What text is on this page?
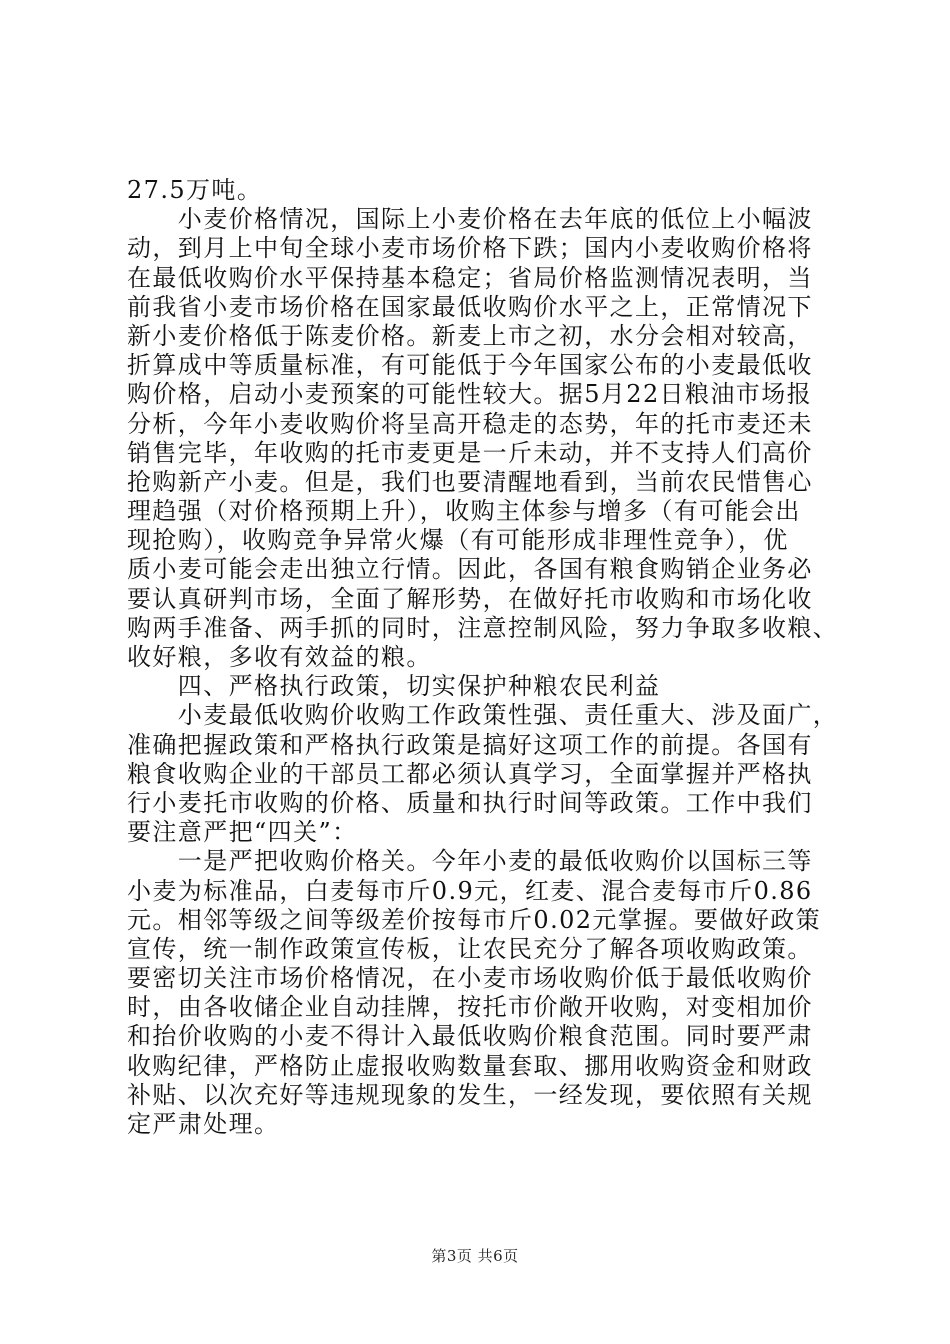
27.5万吨。
　　小麦价格情况，国际上小麦价格在去年底的低位上小幅波
动，到月上中旬全球小麦市场价格下跌；国内小麦收购价格将
在最低收购价水平保持基本稳定；省局价格监测情况表明，当
前我省小麦市场价格在国家最低收购价水平之上，正常情况下
新小麦价格低于陈麦价格。新麦上市之初，水分会相对较高，
折算成中等质量标准，有可能低于今年国家公布的小麦最低收
购价格，启动小麦预案的可能性较大。据5月22日粮油市场报
分析，今年小麦收购价将呈高开稳走的态势，年的托市麦还未
销售完毕，年收购的托市麦更是一斤未动，并不支持人们高价
抢购新产小麦。但是，我们也要清醒地看到，当前农民惜售心
理趋强（对价格预期上升），收购主体参与增多（有可能会出
现抢购），收购竞争异常火爆（有可能形成非理性竞争），优
质小麦可能会走出独立行情。因此，各国有粮食购销企业务必
要认真研判市场，全面了解形势，在做好托市收购和市场化收
购两手准备、两手抓的同时，注意控制风险，努力争取多收粮、
收好粮，多收有效益的粮。
　　四、严格执行政策，切实保护种粮农民利益
　　小麦最低收购价收购工作政策性强、责任重大、涉及面广，
准确把握政策和严格执行政策是搞好这项工作的前提。各国有
粮食收购企业的干部员工都必须认真学习，全面掌握并严格执
行小麦托市收购的价格、质量和执行时间等政策。工作中我们
要注意严把“四关”：
　　一是严把收购价格关。今年小麦的最低收购价以国标三等
小麦为标准品，白麦每市斤0.9元，红麦、混合麦每市斤0.86
元。相邻等级之间等级差价按每市斤0.02元掌握。要做好政策
宣传，统一制作政策宣传板，让农民充分了解各项收购政策。
要密切关注市场价格情况，在小麦市场收购价低于最低收购价
时，由各收储企业自动挂牌，按托市价敞开收购，对变相加价
和抬价收购的小麦不得计入最低收购价粮食范围。同时要严肃
收购纪律，严格防止虚报收购数量套取、挪用收购资金和财政
补贴、以次充好等违规现象的发生，一经发现，要依照有关规
定严肃处理。
第3页 共6页
